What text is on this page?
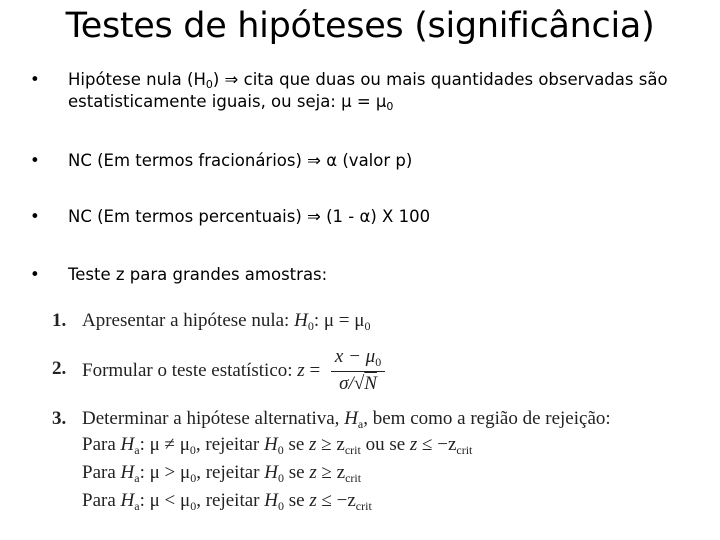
Testes de hipóteses (significância)
• Hipótese nula $(H_0)$ ⇒ cita que duas ou mais quantidades observadas são
estatisticamente iguais, ou seja: $\mu = \mu_0$
• NC (Em termos fracionários) ⇒ α (valor p)
• NC (Em termos percentuais) ⇒ (1 - α) X 100
• Teste z para grandes amostras:
1. Apresentar a hipótese nula: $H_0$: $\mu = \mu_0$
2. Formular o teste estatístico: $z = \frac{x - \mu_0}{\sigma/√N}$
3. Determinar a hipótese alternativa, $H_a$, bem como a região de rejeição:
Para $H_a$: $\mu \ne \mu_0$, rejeitar $H_0$ se $z \ge z_{crit}$ ou se $z \le -z_{crit}$
Para $H_a$: $\mu > \mu_0$, rejeitar $H_0$ se $z \ge z_{crit}$
Para $H_a$: $\mu < \mu_0$, rejeitar $H_0$ se $z \le -z_{crit}$
